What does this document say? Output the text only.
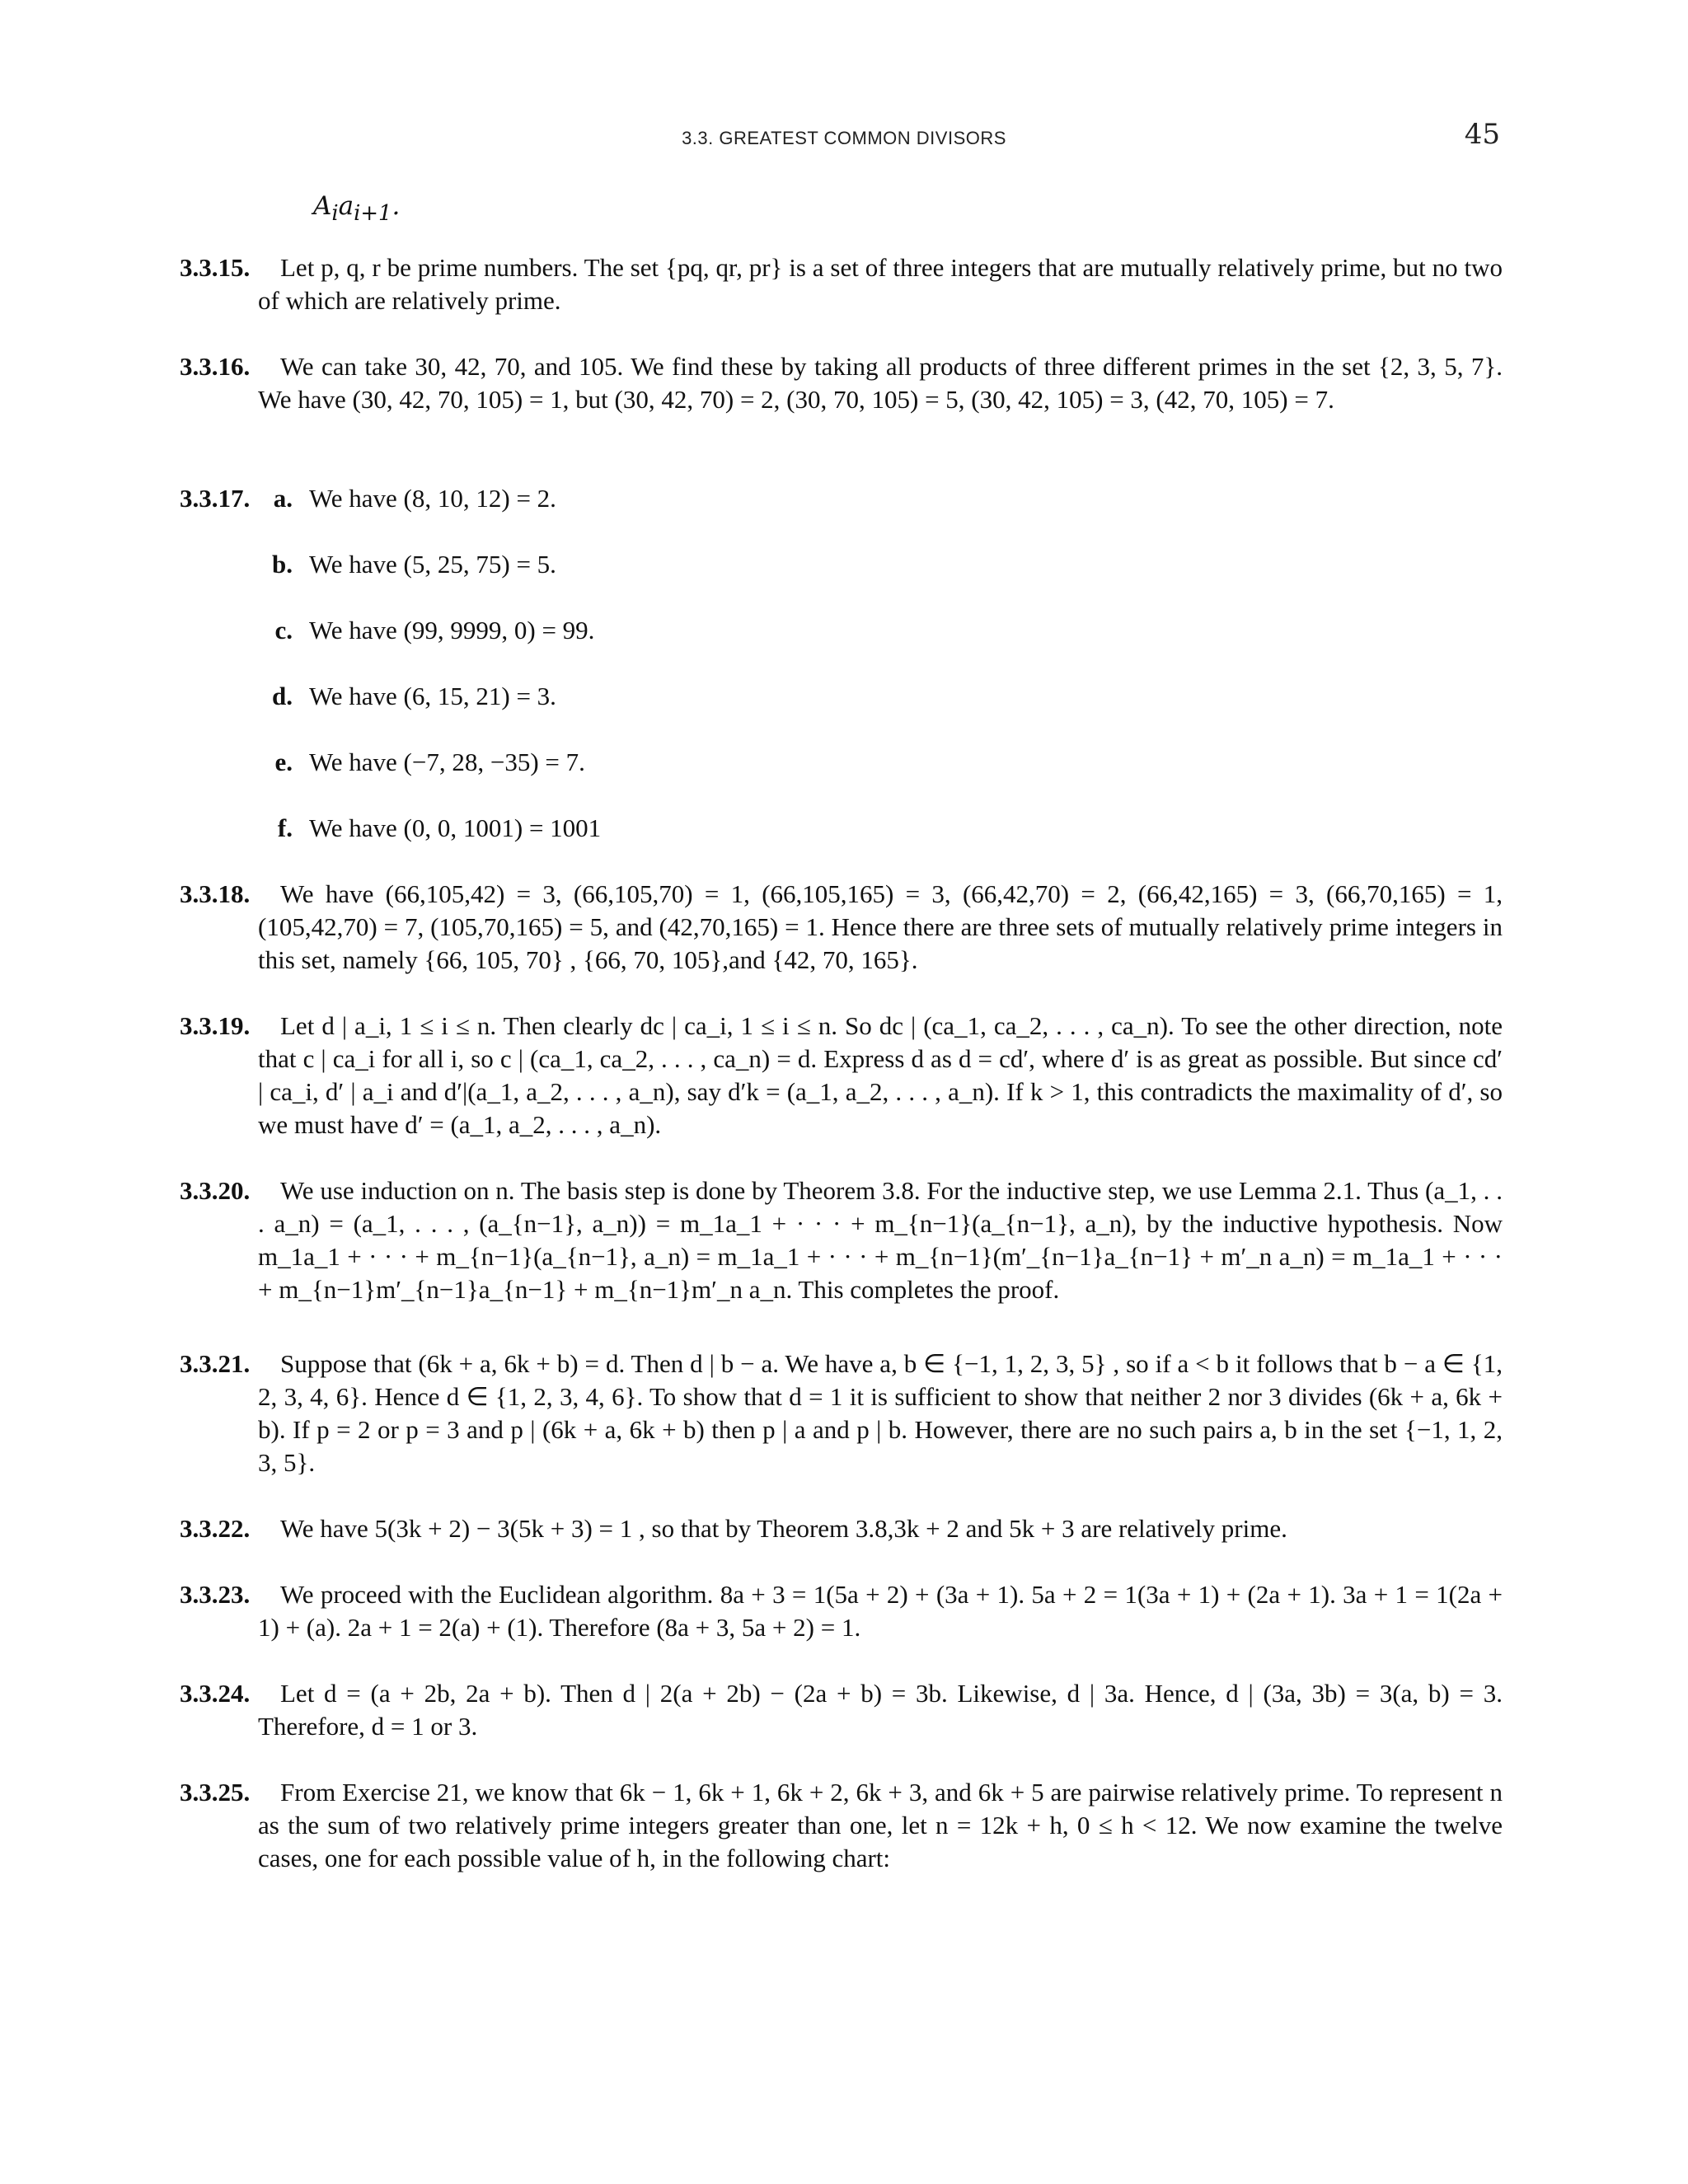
3.3. GREATEST COMMON DIVISORS	45
$A_ia_{i+1}$.
3.3.15.	Let p, q, r be prime numbers. The set {pq, qr, pr} is a set of three integers that are mutually relatively prime, but no two of which are relatively prime.
3.3.16.	We can take 30, 42, 70, and 105. We find these by taking all products of three different primes in the set {2, 3, 5, 7}. We have (30, 42, 70, 105) = 1, but (30, 42, 70) = 2, (30, 70, 105) = 5, (30, 42, 105) = 3, (42, 70, 105) = 7.
3.3.17. a. We have (8, 10, 12) = 2.
b. We have (5, 25, 75) = 5.
c. We have (99, 9999, 0) = 99.
d. We have (6, 15, 21) = 3.
e. We have (−7, 28, −35) = 7.
f. We have (0, 0, 1001) = 1001
3.3.18.	We have (66,105,42) = 3, (66,105,70) = 1, (66,105,165) = 3, (66,42,70) = 2, (66,42,165) = 3, (66,70,165) = 1, (105,42,70) = 7, (105,70,165) = 5, and (42,70,165) = 1. Hence there are three sets of mutually relatively prime integers in this set, namely {66, 105, 70} , {66, 70, 105},and {42, 70, 165}.
3.3.19.	Let d | a_i, 1 ≤ i ≤ n. Then clearly dc | ca_i, 1 ≤ i ≤ n. So dc | (ca_1, ca_2, . . . , ca_n). To see the other direction, note that c | ca_i for all i, so c | (ca_1, ca_2, . . . , ca_n) = d. Express d as d = cd′, where d′ is as great as possible. But since cd′ | ca_i, d′ | a_i and d′|(a_1, a_2, . . . , a_n), say d′k = (a_1, a_2, . . . , a_n). If k > 1, this contradicts the maximality of d′, so we must have d′ = (a_1, a_2, . . . , a_n).
3.3.20.	We use induction on n. The basis step is done by Theorem 3.8. For the inductive step, we use Lemma 2.1. Thus (a_1, . . . a_n) = (a_1, . . . , (a_{n−1}, a_n)) = m_1a_1 + · · · + m_{n−1}(a_{n−1}, a_n), by the inductive hypothesis. Now m_1a_1 + · · · + m_{n−1}(a_{n−1}, a_n) = m_1a_1 + · · · + m_{n−1}(m′_{n−1}a_{n−1} + m′_n a_n) = m_1a_1 + · · · + m_{n−1}m′_{n−1}a_{n−1} + m_{n−1}m′_n a_n. This completes the proof.
3.3.21.	Suppose that (6k + a, 6k + b) = d. Then d | b − a. We have a, b ∈ {−1, 1, 2, 3, 5} , so if a < b it follows that b − a ∈ {1, 2, 3, 4, 6}. Hence d ∈ {1, 2, 3, 4, 6}. To show that d = 1 it is sufficient to show that neither 2 nor 3 divides (6k + a, 6k + b). If p = 2 or p = 3 and p | (6k + a, 6k + b) then p | a and p | b. However, there are no such pairs a, b in the set {−1, 1, 2, 3, 5}.
3.3.22.	We have 5(3k + 2) − 3(5k + 3) = 1 , so that by Theorem 3.8,3k + 2 and 5k + 3 are relatively prime.
3.3.23.	We proceed with the Euclidean algorithm. 8a + 3 = 1(5a + 2) + (3a + 1). 5a + 2 = 1(3a + 1) + (2a + 1). 3a + 1 = 1(2a + 1) + (a). 2a + 1 = 2(a) + (1). Therefore (8a + 3, 5a + 2) = 1.
3.3.24.	Let d = (a + 2b, 2a + b). Then d | 2(a + 2b) − (2a + b) = 3b. Likewise, d | 3a. Hence, d | (3a, 3b) = 3(a, b) = 3. Therefore, d = 1 or 3.
3.3.25.	From Exercise 21, we know that 6k − 1, 6k + 1, 6k + 2, 6k + 3, and 6k + 5 are pairwise relatively prime. To represent n as the sum of two relatively prime integers greater than one, let n = 12k + h, 0 ≤ h < 12. We now examine the twelve cases, one for each possible value of h, in the following chart:
